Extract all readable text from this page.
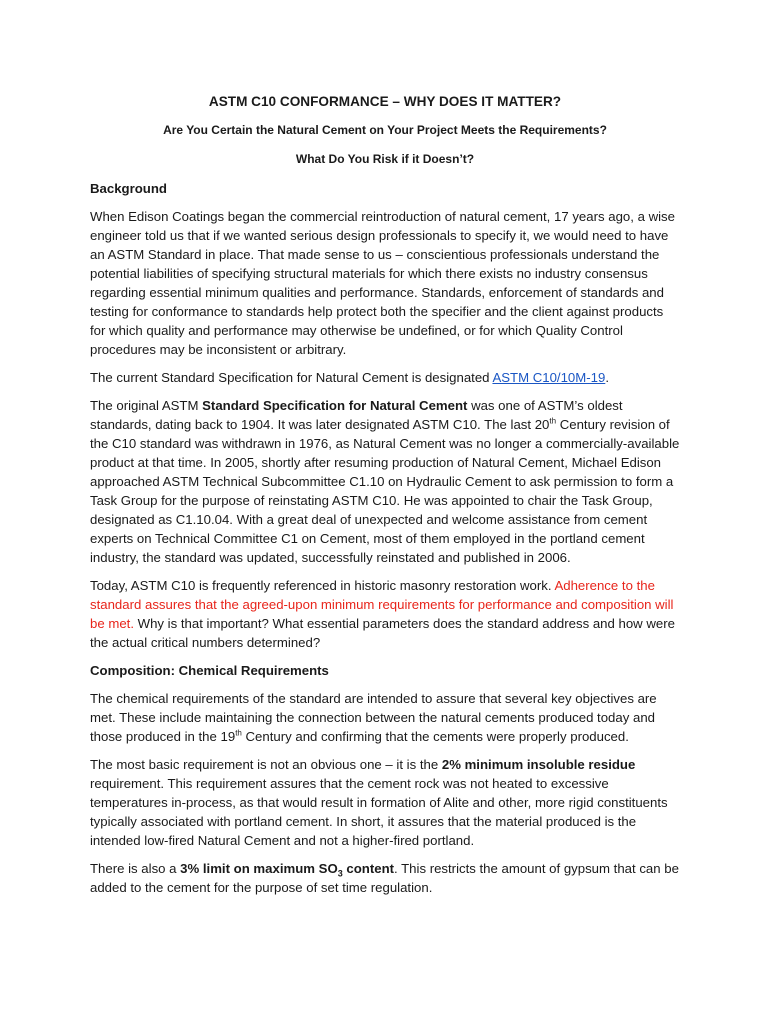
ASTM C10 CONFORMANCE – WHY DOES IT MATTER?
Are You Certain the Natural Cement on Your Project Meets the Requirements?
What Do You Risk if it Doesn’t?
Background

When Edison Coatings began the commercial reintroduction of natural cement, 17 years ago, a wise engineer told us that if we wanted serious design professionals to specify it, we would need to have an ASTM Standard in place. That made sense to us – conscientious professionals understand the potential liabilities of specifying structural materials for which there exists no industry consensus regarding essential minimum qualities and performance. Standards, enforcement of standards and testing for conformance to standards help protect both the specifier and the client against products for which quality and performance may otherwise be undefined, or for which Quality Control procedures may be inconsistent or arbitrary.

The current Standard Specification for Natural Cement is designated ASTM C10/10M-19.

The original ASTM Standard Specification for Natural Cement was one of ASTM’s oldest standards, dating back to 1904. It was later designated ASTM C10. The last 20th Century revision of the C10 standard was withdrawn in 1976, as Natural Cement was no longer a commercially-available product at that time. In 2005, shortly after resuming production of Natural Cement, Michael Edison approached ASTM Technical Subcommittee C1.10 on Hydraulic Cement to ask permission to form a Task Group for the purpose of reinstating ASTM C10. He was appointed to chair the Task Group, designated as C1.10.04. With a great deal of unexpected and welcome assistance from cement experts on Technical Committee C1 on Cement, most of them employed in the portland cement industry, the standard was updated, successfully reinstated and published in 2006.

Today, ASTM C10 is frequently referenced in historic masonry restoration work. Adherence to the standard assures that the agreed-upon minimum requirements for performance and composition will be met. Why is that important? What essential parameters does the standard address and how were the actual critical numbers determined?

Composition: Chemical Requirements

The chemical requirements of the standard are intended to assure that several key objectives are met. These include maintaining the connection between the natural cements produced today and those produced in the 19th Century and confirming that the cements were properly produced.

The most basic requirement is not an obvious one – it is the 2% minimum insoluble residue requirement. This requirement assures that the cement rock was not heated to excessive temperatures in-process, as that would result in formation of Alite and other, more rigid constituents typically associated with portland cement. In short, it assures that the material produced is the intended low-fired Natural Cement and not a higher-fired portland.

There is also a 3% limit on maximum $SO_3$ content. This restricts the amount of gypsum that can be added to the cement for the purpose of set time regulation.
